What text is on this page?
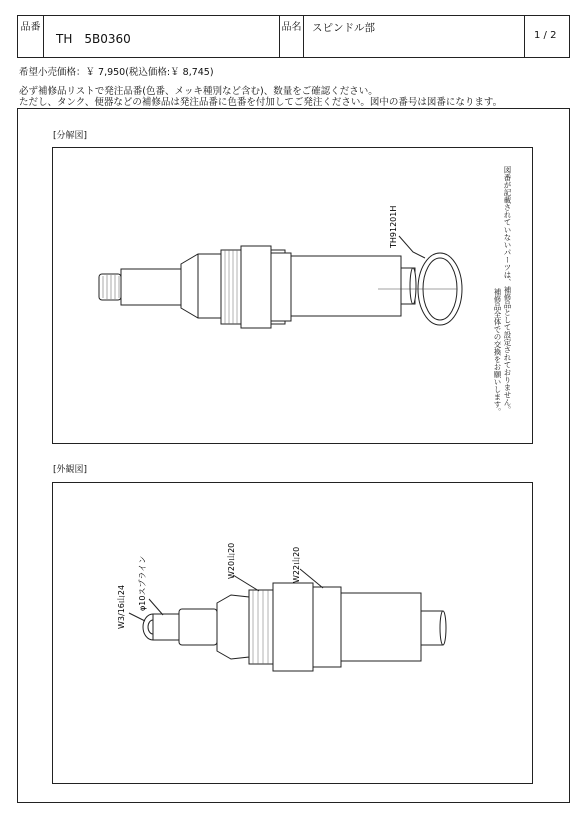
品番
TH　5B0360
品名 スピンドル部
1 / 2
希望小売価格：￥ 7,950(税込価格:￥ 8,745)
必ず補修品リストで発注品番(色番、メッキ種別など含む)、数量をご確認ください。
ただし、タンク、便器などの補修品は発注品番に色番を付加してご発注ください。図中の番号は図番になります。
[分解図]
TH91201H	図番が記載されていないパーツは、補修品として設定されておりません。
補修品全体での交換をお願いします。
[外観図]
W3/16山24 φ10スプライン	W20山20	W22山20
